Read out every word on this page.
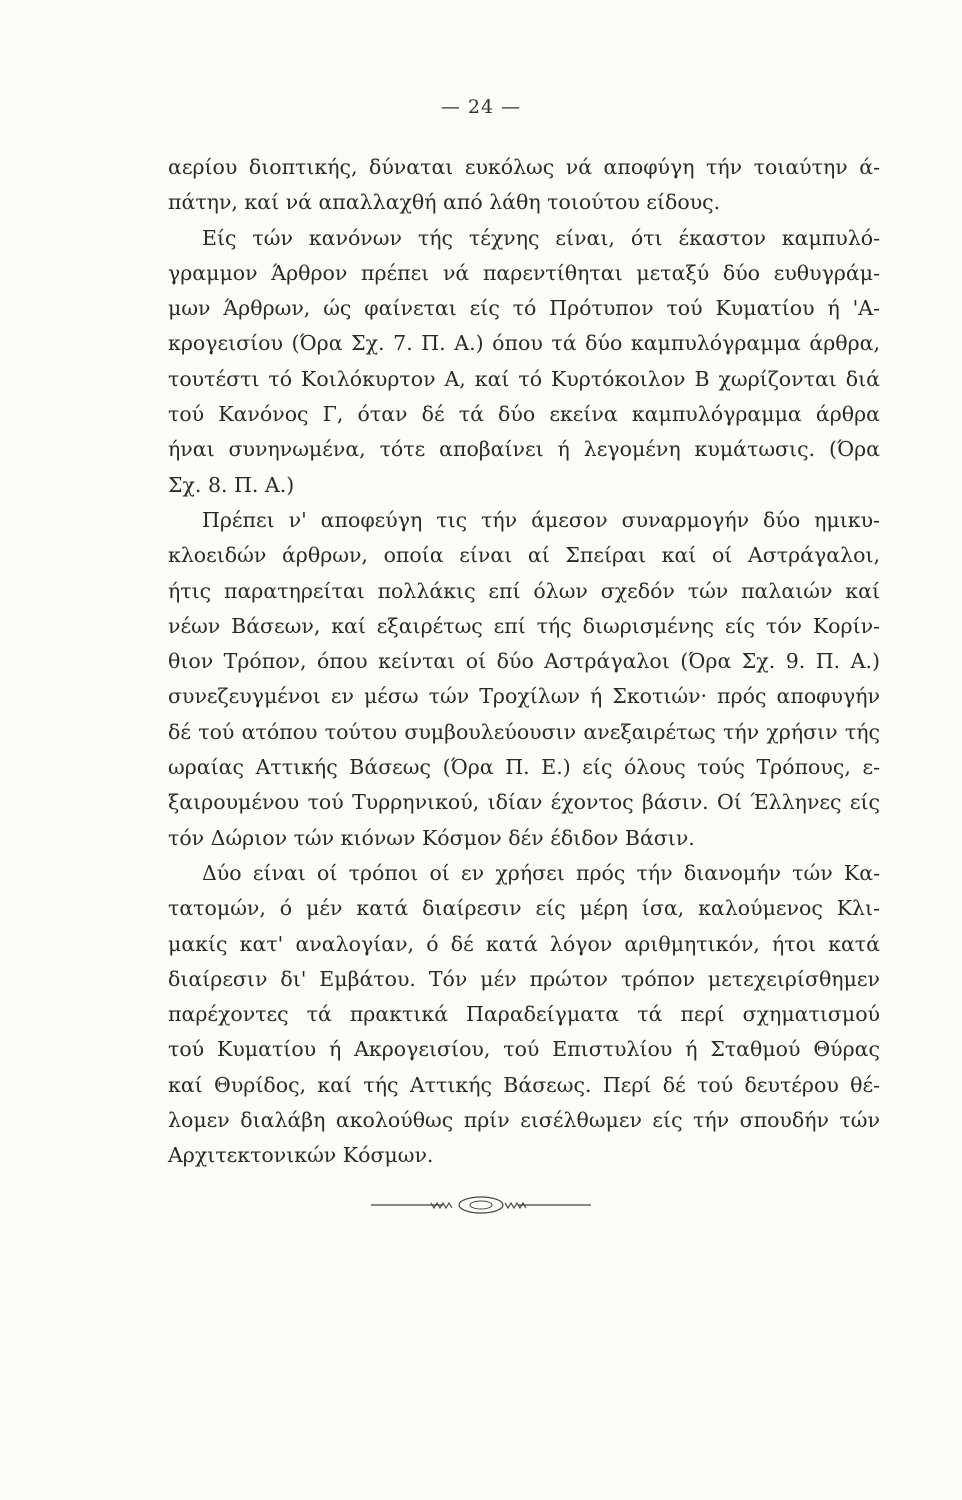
— 24 —
αερίου διοπτικής, δύναται ευκόλως νά αποφύγη τήν τοιαύτην ά-
πάτην, καί νά απαλλαχθή από λάθη τοιούτου είδους.
Είς τών κανόνων τής τέχνης είναι, ότι έκαστον καμπυλό-
γραμμον Άρθρον πρέπει νά παρεντίθηται μεταξύ δύο ευθυγράμ-
μων Άρθρων, ώς φαίνεται είς τό Πρότυπον τού Κυματίου ή 'Α-
κρογεισίου (Όρα Σχ. 7. Π. Α.) όπου τά δύο καμπυλόγραμμα άρθρα,
τουτέστι τό Κοιλόκυρτον Α, καί τό Κυρτόκοιλον Β χωρίζονται διά
τού Κανόνος Γ, όταν δέ τά δύο εκείνα καμπυλόγραμμα άρθρα
ήναι συνηνωμένα, τότε αποβαίνει ή λεγομένη κυμάτωσις. (Όρα
Σχ. 8. Π. Α.)
Πρέπει ν' αποφεύγη τις τήν άμεσον συναρμογήν δύο ημικυ-
κλοειδών άρθρων, οποία είναι αί Σπείραι καί οί Αστράγαλοι,
ήτις παρατηρείται πολλάκις επί όλων σχεδόν τών παλαιών καί
νέων Βάσεων, καί εξαιρέτως επί τής διωρισμένης είς τόν Κορίν-
θιον Τρόπον, όπου κείνται οί δύο Αστράγαλοι (Όρα Σχ. 9. Π. Α.)
συνεζευγμένοι εν μέσω τών Τροχίλων ή Σκοτιών· πρός αποφυγήν
δέ τού ατόπου τούτου συμβουλεύουσιν ανεξαιρέτως τήν χρήσιν τής
ωραίας Αττικής Βάσεως (Όρα Π. Ε.) είς όλους τούς Τρόπους, ε-
ξαιρουμένου τού Τυρρηνικού, ιδίαν έχοντος βάσιν. Οί Έλληνες είς
τόν Δώριον τών κιόνων Κόσμον δέν έδιδον Βάσιν.
Δύο είναι οί τρόποι οί εν χρήσει πρός τήν διανομήν τών Κα-
τατομών, ό μέν κατά διαίρεσιν είς μέρη ίσα, καλούμενος Κλι-
μακίς κατ' αναλογίαν, ό δέ κατά λόγον αριθμητικόν, ήτοι κατά
διαίρεσιν δι' Εμβάτου. Τόν μέν πρώτον τρόπον μετεχειρίσθημεν
παρέχοντες τά πρακτικά Παραδείγματα τά περί σχηματισμού
τού Κυματίου ή Ακρογεισίου, τού Επιστυλίου ή Σταθμού Θύρας
καί Θυρίδος, καί τής Αττικής Βάσεως. Περί δέ τού δευτέρου θέ-
λομεν διαλάβη ακολούθως πρίν εισέλθωμεν είς τήν σπουδήν τών
Αρχιτεκτονικών Κόσμων.
